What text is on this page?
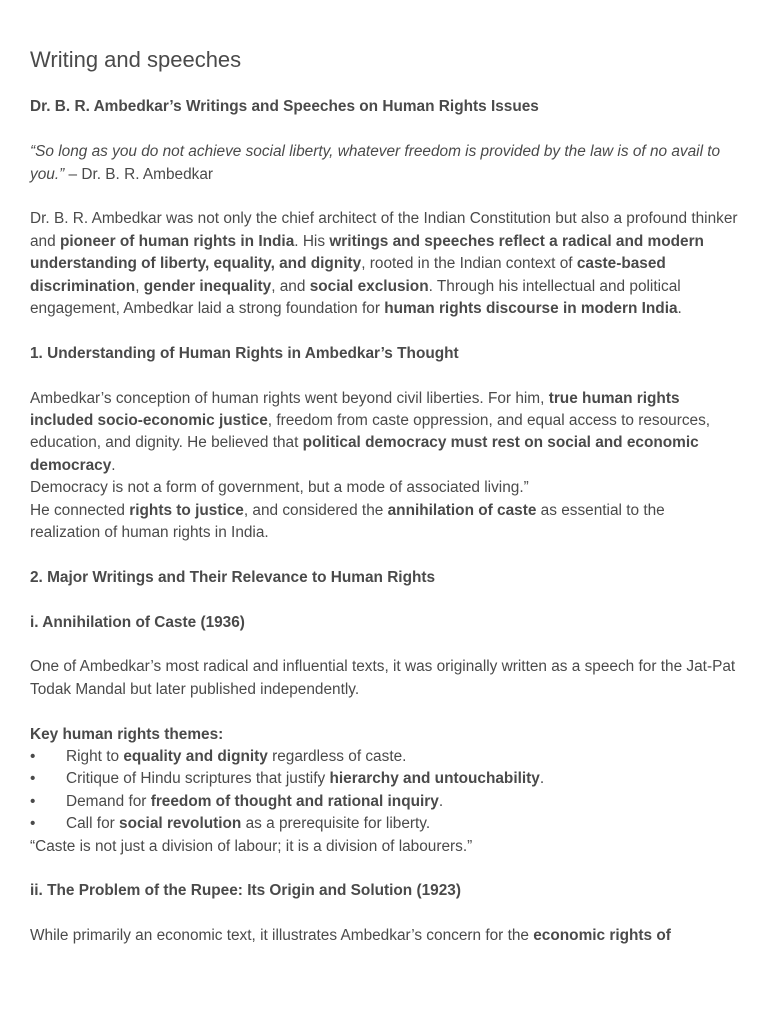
Writing and speeches

Dr. B. R. Ambedkar’s Writings and Speeches on Human Rights Issues

“So long as you do not achieve social liberty, whatever freedom is provided by the law is of no avail to you.” – Dr. B. R. Ambedkar

Dr. B. R. Ambedkar was not only the chief architect of the Indian Constitution but also a profound thinker and pioneer of human rights in India. His writings and speeches reflect a radical and modern understanding of liberty, equality, and dignity, rooted in the Indian context of caste-based discrimination, gender inequality, and social exclusion. Through his intellectual and political engagement, Ambedkar laid a strong foundation for human rights discourse in modern India.

1. Understanding of Human Rights in Ambedkar’s Thought

Ambedkar’s conception of human rights went beyond civil liberties. For him, true human rights included socio-economic justice, freedom from caste oppression, and equal access to resources, education, and dignity. He believed that political democracy must rest on social and economic democracy.

Democracy is not a form of government, but a mode of associated living.”

He connected rights to justice, and considered the annihilation of caste as essential to the realization of human rights in India.

2. Major Writings and Their Relevance to Human Rights

i. Annihilation of Caste (1936)

One of Ambedkar’s most radical and influential texts, it was originally written as a speech for the Jat-Pat Todak Mandal but later published independently.

Key human rights themes:

•	Right to equality and dignity regardless of caste.
•	Critique of Hindu scriptures that justify hierarchy and untouchability.
•	Demand for freedom of thought and rational inquiry.
•	Call for social revolution as a prerequisite for liberty.

“Caste is not just a division of labour; it is a division of labourers.”

ii. The Problem of the Rupee: Its Origin and Solution (1923)

While primarily an economic text, it illustrates Ambedkar’s concern for the economic rights of
